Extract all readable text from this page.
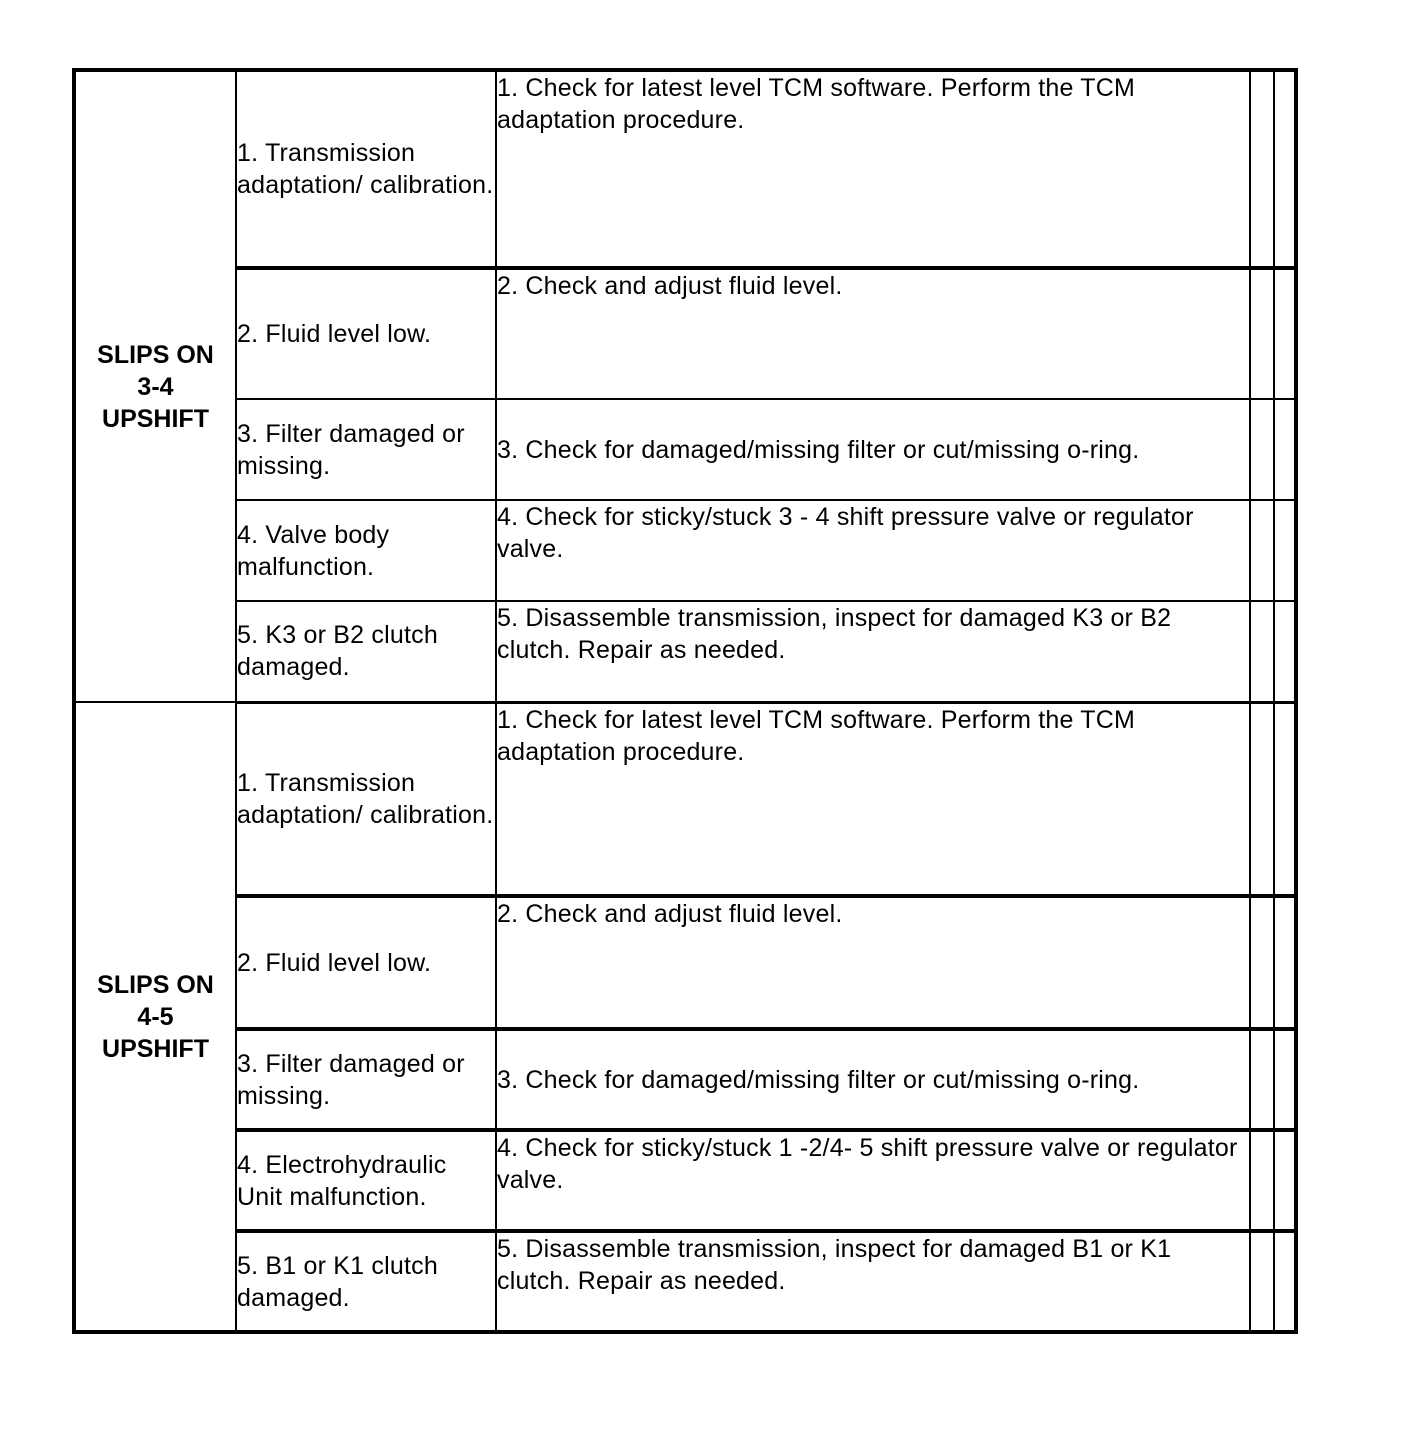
SLIPS ON
3-4
UPSHIFT	1. Transmission adaptation/ calibration.	1. Check for latest level TCM software. Perform the TCM adaptation procedure.		
	2. Fluid level low.	2. Check and adjust fluid level.		
	3. Filter damaged or missing.	3. Check for damaged/missing filter or cut/missing o-ring.		
	4. Valve body malfunction.	4. Check for sticky/stuck 3 - 4 shift pressure valve or regulator valve.		
	5. K3 or B2 clutch damaged.	5. Disassemble transmission, inspect for damaged K3 or B2 clutch. Repair as needed.		

SLIPS ON
4-5
UPSHIFT	1. Transmission adaptation/ calibration.	1. Check for latest level TCM software. Perform the TCM adaptation procedure.		
	2. Fluid level low.	2. Check and adjust fluid level.		
	3. Filter damaged or missing.	3. Check for damaged/missing filter or cut/missing o-ring.		
	4. Electrohydraulic Unit malfunction.	4. Check for sticky/stuck 1 -2/4- 5 shift pressure valve or regulator valve.		
	5. B1 or K1 clutch damaged.	5. Disassemble transmission, inspect for damaged B1 or K1 clutch. Repair as needed.		
